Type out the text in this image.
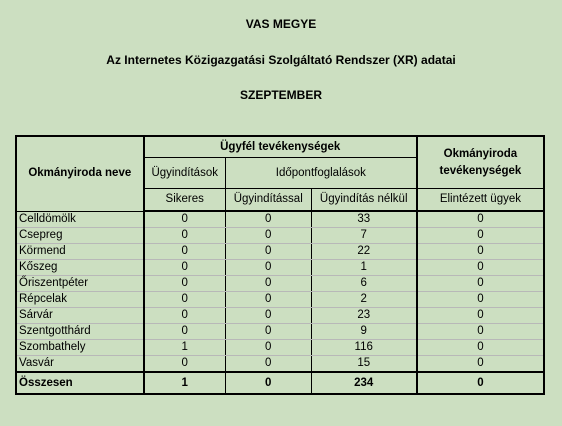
VAS MEGYE
Az Internetes Közigazgatási Szolgáltató Rendszer (XR) adatai
SZEPTEMBER
Okmányiroda neve	Ügyfél tevékenységek			Okmányiroda tevékenységek
	Ügyindítások	Időpontfoglalások		
	Sikeres	Ügyindítással	Ügyindítás nélkül	Elintézett ügyek
Celldömölk	0	0	33	0
Csepreg	0	0	7	0
Körmend	0	0	22	0
Kőszeg	0	0	1	0
Őriszentpéter	0	0	6	0
Répcelak	0	0	2	0
Sárvár	0	0	23	0
Szentgotthárd	0	0	9	0
Szombathely	1	0	116	0
Vasvár	0	0	15	0
Összesen	1	0	234	0
